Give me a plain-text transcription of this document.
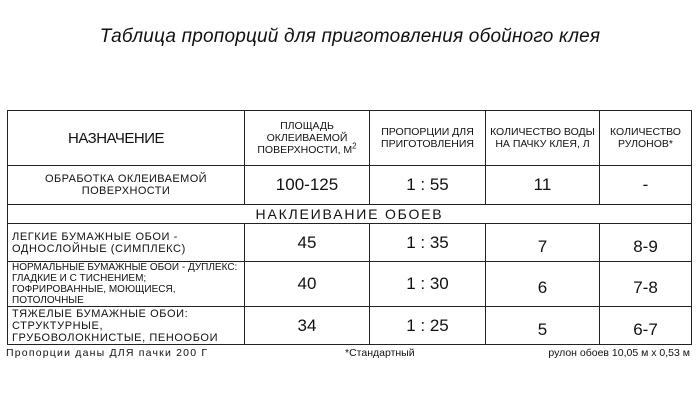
Таблица пропорций для приготовления обойного клея
НАЗНАЧЕНИЕ	ПЛОЩАДЬ ОКЛЕИВАЕМОЙ ПОВЕРХНОСТИ, $М^2$	ПРОПОРЦИИ ДЛЯ ПРИГОТОВЛЕНИЯ	КОЛИЧЕСТВО ВОДЫ НА ПАЧКУ КЛЕЯ, Л	КОЛИЧЕСТВО РУЛОНОВ*
ОБРАБОТКА ОКЛЕИВАЕМОЙ ПОВЕРХНОСТИ	100-125	1 : 55	11	-
НАКЛЕИВАНИЕ ОБОЕВ				
ЛЕГКИЕ БУМАЖНЫЕ ОБОИ - ОДНОСЛОЙНЫЕ (СИМПЛЕКС)	45	1 : 35	7	8-9
НОРМАЛЬНЫЕ БУМАЖНЫЕ ОБОИ - ДУПЛЕКС: ГЛАДКИЕ И С ТИСНЕНИЕМ; ГОФРИРОВАННЫЕ, МОЮЩИЕСЯ, ПОТОЛОЧНЫЕ	40	1 : 30	6	7-8
ТЯЖЕЛЫЕ БУМАЖНЫЕ ОБОИ: СТРУКТУРНЫЕ, ГРУБОВОЛОКНИСТЫЕ, ПЕНООБОИ	34	1 : 25	5	6-7
Пропорции даны ДЛЯ пачки 200 Г	*Стандартный	рулон обоев 10,05 м х 0,53 м
